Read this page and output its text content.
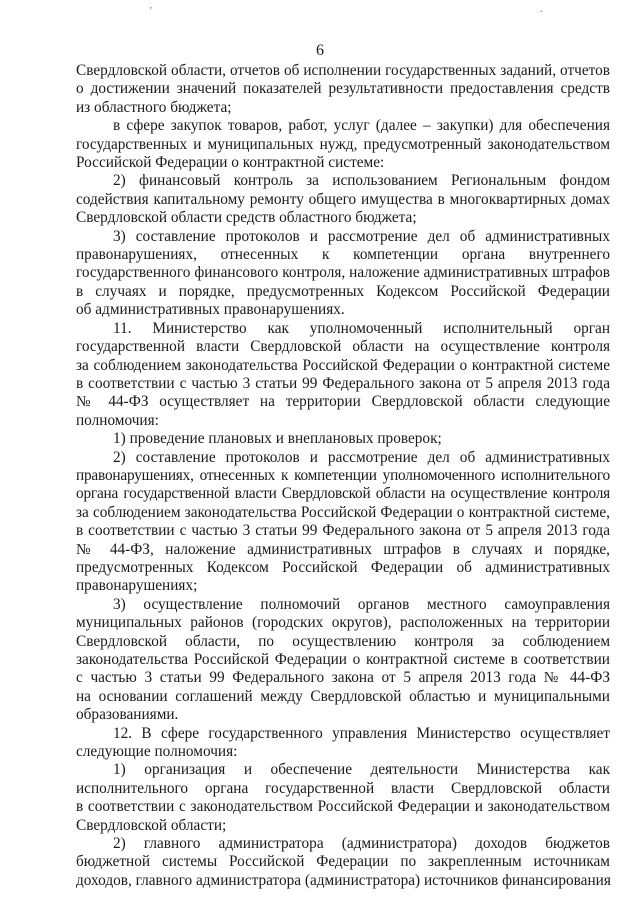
'	.
6
Свердловской области, отчетов об исполнении государственных заданий, отчетов
о достижении значений показателей результативности предоставления средств
из областного бюджета;
в сфере закупок товаров, работ, услуг (далее – закупки) для обеспечения
государственных и муниципальных нужд, предусмотренный законодательством
Российской Федерации о контрактной системе:
2) финансовый контроль за использованием Региональным фондом
содействия капитальному ремонту общего имущества в многоквартирных домах
Свердловской области средств областного бюджета;
3) составление протоколов и рассмотрение дел об административных
правонарушениях, отнесенных к компетенции органа внутреннего
государственного финансового контроля, наложение административных штрафов
в случаях и порядке, предусмотренных Кодексом Российской Федерации
об административных правонарушениях.
11. Министерство как уполномоченный исполнительный орган
государственной власти Свердловской области на осуществление контроля
за соблюдением законодательства Российской Федерации о контрактной системе
в соответствии с частью 3 статьи 99 Федерального закона от 5 апреля 2013 года
№ 44-ФЗ осуществляет на территории Свердловской области следующие
полномочия:
1) проведение плановых и внеплановых проверок;
2) составление протоколов и рассмотрение дел об административных
правонарушениях, отнесенных к компетенции уполномоченного исполнительного
органа государственной власти Свердловской области на осуществление контроля
за соблюдением законодательства Российской Федерации о контрактной системе,
в соответствии с частью 3 статьи 99 Федерального закона от 5 апреля 2013 года
№ 44-ФЗ, наложение административных штрафов в случаях и порядке,
предусмотренных Кодексом Российской Федерации об административных
правонарушениях;
3) осуществление полномочий органов местного самоуправления
муниципальных районов (городских округов), расположенных на территории
Свердловской области, по осуществлению контроля за соблюдением
законодательства Российской Федерации о контрактной системе в соответствии
с частью 3 статьи 99 Федерального закона от 5 апреля 2013 года № 44-ФЗ
на основании соглашений между Свердловской областью и муниципальными
образованиями.
12. В сфере государственного управления Министерство осуществляет
следующие полномочия:
1) организация и обеспечение деятельности Министерства как
исполнительного органа государственной власти Свердловской области
в соответствии с законодательством Российской Федерации и законодательством
Свердловской области;
2) главного администратора (администратора) доходов бюджетов
бюджетной системы Российской Федерации по закрепленным источникам
доходов, главного администратора (администратора) источников финансирования
